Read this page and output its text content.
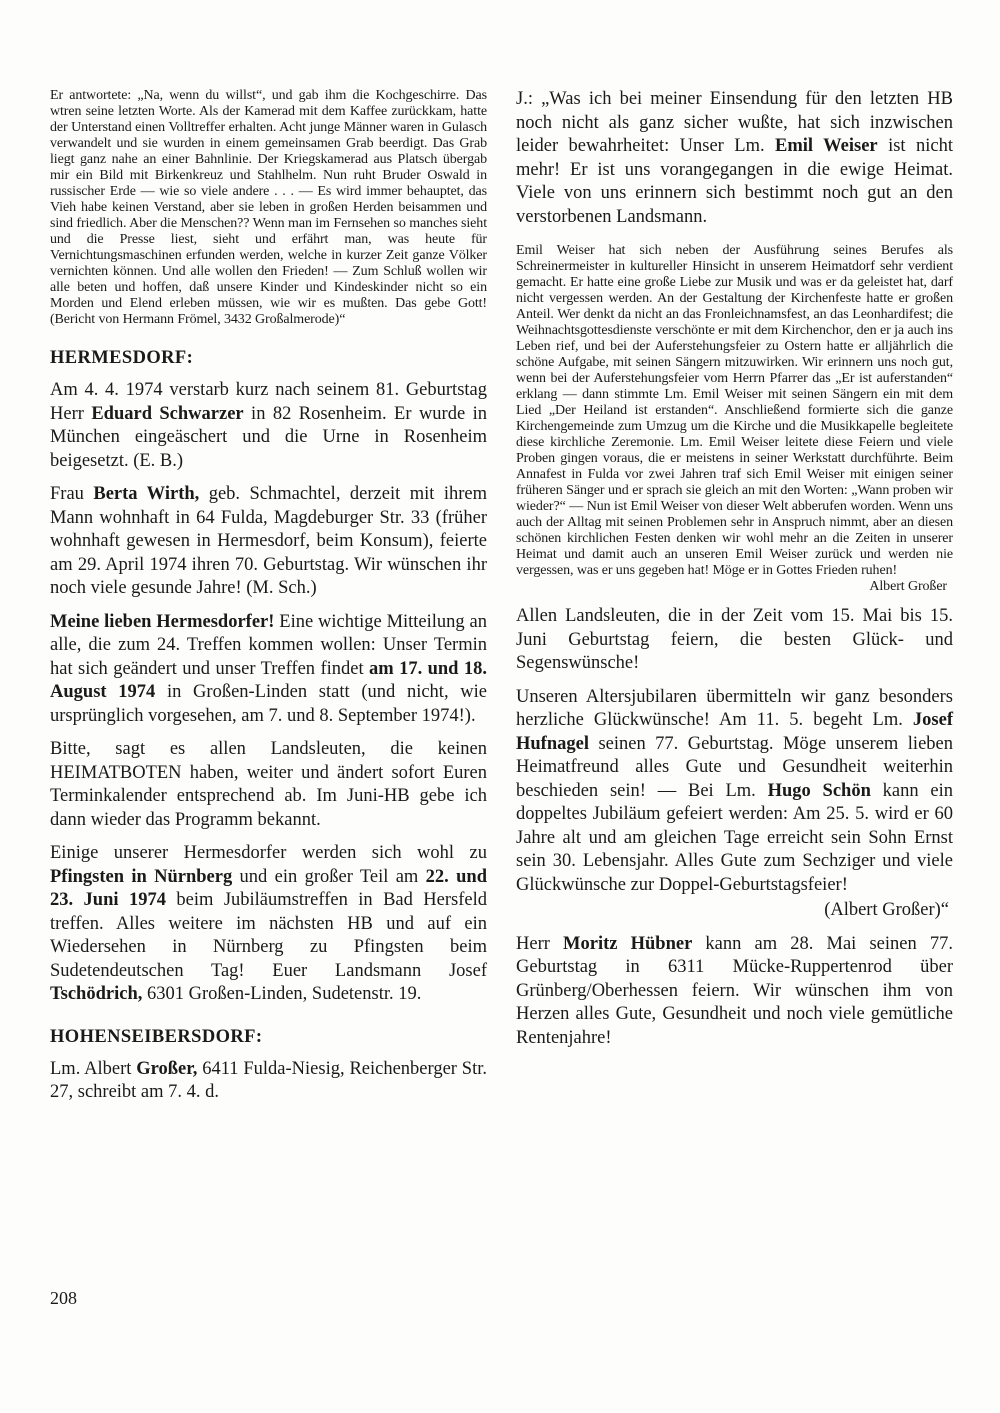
Er antwortete: „Na, wenn du willst“, und gab ihm die Kochgeschirre. Das wtren seine letzten Worte. Als der Kamerad mit dem Kaffee zurückkam, hatte der Unterstand einen Volltreffer erhalten. Acht junge Männer waren in Gulasch verwandelt und sie wurden in einem gemeinsamen Grab beerdigt. Das Grab liegt ganz nahe an einer Bahnlinie. Der Kriegskamerad aus Platsch übergab mir ein Bild mit Birkenkreuz und Stahlhelm. Nun ruht Bruder Oswald in russischer Erde — wie so viele andere . . . — Es wird immer behauptet, das Vieh habe keinen Verstand, aber sie leben in großen Herden beisammen und sind friedlich. Aber die Menschen?? Wenn man im Fernsehen so manches sieht und die Presse liest, sieht und erfährt man, was heute für Vernichtungsmaschinen erfunden werden, welche in kurzer Zeit ganze Völker vernichten können. Und alle wollen den Frieden! — Zum Schluß wollen wir alle beten und hoffen, daß unsere Kinder und Kindeskinder nicht so ein Morden und Elend erleben müssen, wie wir es mußten. Das gebe Gott! (Bericht von Hermann Frömel, 3432 Großalmerode)“

HERMESDORF:

Am 4. 4. 1974 verstarb kurz nach seinem 81. Geburtstag Herr Eduard Schwarzer in 82 Rosenheim. Er wurde in München eingeäschert und die Urne in Rosenheim beigesetzt. (E. B.)

Frau Berta Wirth, geb. Schmachtel, derzeit mit ihrem Mann wohnhaft in 64 Fulda, Magdeburger Str. 33 (früher wohnhaft gewesen in Hermesdorf, beim Konsum), feierte am 29. April 1974 ihren 70. Geburtstag. Wir wünschen ihr noch viele gesunde Jahre! (M. Sch.)

Meine lieben Hermesdorfer! Eine wichtige Mitteilung an alle, die zum 24. Treffen kommen wollen: Unser Termin hat sich geändert und unser Treffen findet am 17. und 18. August 1974 in Großen-Linden statt (und nicht, wie ursprünglich vorgesehen, am 7. und 8. September 1974!).

Bitte, sagt es allen Landsleuten, die keinen HEIMATBOTEN haben, weiter und ändert sofort Euren Terminkalender entsprechend ab. Im Juni-HB gebe ich dann wieder das Programm bekannt.

Einige unserer Hermesdorfer werden sich wohl zu Pfingsten in Nürnberg und ein großer Teil am 22. und 23. Juni 1974 beim Jubiläumstreffen in Bad Hersfeld treffen. Alles weitere im nächsten HB und auf ein Wiedersehen in Nürnberg zu Pfingsten beim Sudetendeutschen Tag! Euer Landsmann Josef Tschödrich, 6301 Großen-Linden, Sudetenstr. 19.

HOHENSEIBERSDORF:

Lm. Albert Großer, 6411 Fulda-Niesig, Reichenberger Str. 27, schreibt am 7. 4. d.

J.: „Was ich bei meiner Einsendung für den letzten HB noch nicht als ganz sicher wußte, hat sich inzwischen leider bewahrheitet: Unser Lm. Emil Weiser ist nicht mehr! Er ist uns vorangegangen in die ewige Heimat. Viele von uns erinnern sich bestimmt noch gut an den verstorbenen Landsmann.

Emil Weiser hat sich neben der Ausführung seines Berufes als Schreinermeister in kultureller Hinsicht in unserem Heimatdorf sehr verdient gemacht. Er hatte eine große Liebe zur Musik und was er da geleistet hat, darf nicht vergessen werden. An der Gestaltung der Kirchenfeste hatte er großen Anteil. Wer denkt da nicht an das Fronleichnamsfest, an das Leonhardifest; die Weihnachtsgottesdienste verschönte er mit dem Kirchenchor, den er ja auch ins Leben rief, und bei der Auferstehungsfeier zu Ostern hatte er alljährlich die schöne Aufgabe, mit seinen Sängern mitzuwirken. Wir erinnern uns noch gut, wenn bei der Auferstehungsfeier vom Herrn Pfarrer das „Er ist auferstanden“ erklang — dann stimmte Lm. Emil Weiser mit seinen Sängern ein mit dem Lied „Der Heiland ist erstanden“. Anschließend formierte sich die ganze Kirchengemeinde zum Umzug um die Kirche und die Musikkapelle begleitete diese kirchliche Zeremonie. Lm. Emil Weiser leitete diese Feiern und viele Proben gingen voraus, die er meistens in seiner Werkstatt durchführte. Beim Annafest in Fulda vor zwei Jahren traf sich Emil Weiser mit einigen seiner früheren Sänger und er sprach sie gleich an mit den Worten: „Wann proben wir wieder?“ — Nun ist Emil Weiser von dieser Welt abberufen worden. Wenn uns auch der Alltag mit seinen Problemen sehr in Anspruch nimmt, aber an diesen schönen kirchlichen Festen denken wir wohl mehr an die Zeiten in unserer Heimat und damit auch an unseren Emil Weiser zurück und werden nie vergessen, was er uns gegeben hat! Möge er in Gottes Frieden ruhen!

Albert Großer

Allen Landsleuten, die in der Zeit vom 15. Mai bis 15. Juni Geburtstag feiern, die besten Glück- und Segenswünsche!

Unseren Altersjubilaren übermitteln wir ganz besonders herzliche Glückwünsche! Am 11. 5. begeht Lm. Josef Hufnagel seinen 77. Geburtstag. Möge unserem lieben Heimatfreund alles Gute und Gesundheit weiterhin beschieden sein! — Bei Lm. Hugo Schön kann ein doppeltes Jubiläum gefeiert werden: Am 25. 5. wird er 60 Jahre alt und am gleichen Tage erreicht sein Sohn Ernst sein 30. Lebensjahr. Alles Gute zum Sechziger und viele Glückwünsche zur Doppel-Geburtstagsfeier!

(Albert Großer)“

Herr Moritz Hübner kann am 28. Mai seinen 77. Geburtstag in 6311 Mücke-Ruppertenrod über Grünberg/Oberhessen feiern. Wir wünschen ihm von Herzen alles Gute, Gesundheit und noch viele gemütliche Rentenjahre!

208
